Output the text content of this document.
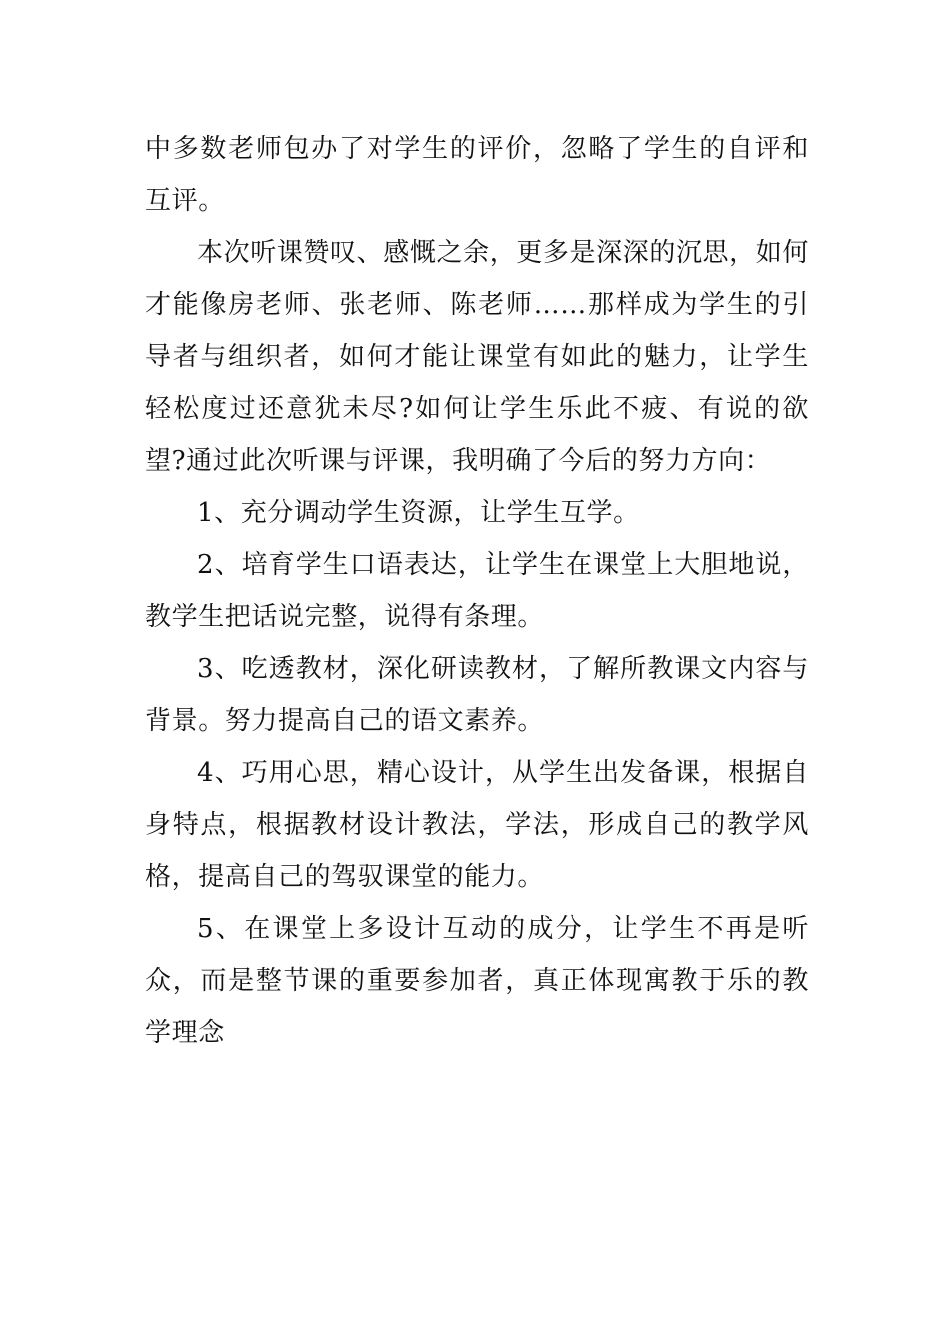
中多数老师包办了对学生的评价，忽略了学生的自评和互评。

本次听课赞叹、感慨之余，更多是深深的沉思，如何才能像房老师、张老师、陈老师……那样成为学生的引导者与组织者，如何才能让课堂有如此的魅力，让学生轻松度过还意犹未尽?如何让学生乐此不疲、有说的欲望?通过此次听课与评课，我明确了今后的努力方向：

1、充分调动学生资源，让学生互学。

2、培育学生口语表达，让学生在课堂上大胆地说，教学生把话说完整，说得有条理。

3、吃透教材，深化研读教材，了解所教课文内容与背景。努力提高自己的语文素养。

4、巧用心思，精心设计，从学生出发备课，根据自身特点，根据教材设计教法，学法，形成自己的教学风格，提高自己的驾驭课堂的能力。

5、在课堂上多设计互动的成分，让学生不再是听众，而是整节课的重要参加者，真正体现寓教于乐的教学理念
